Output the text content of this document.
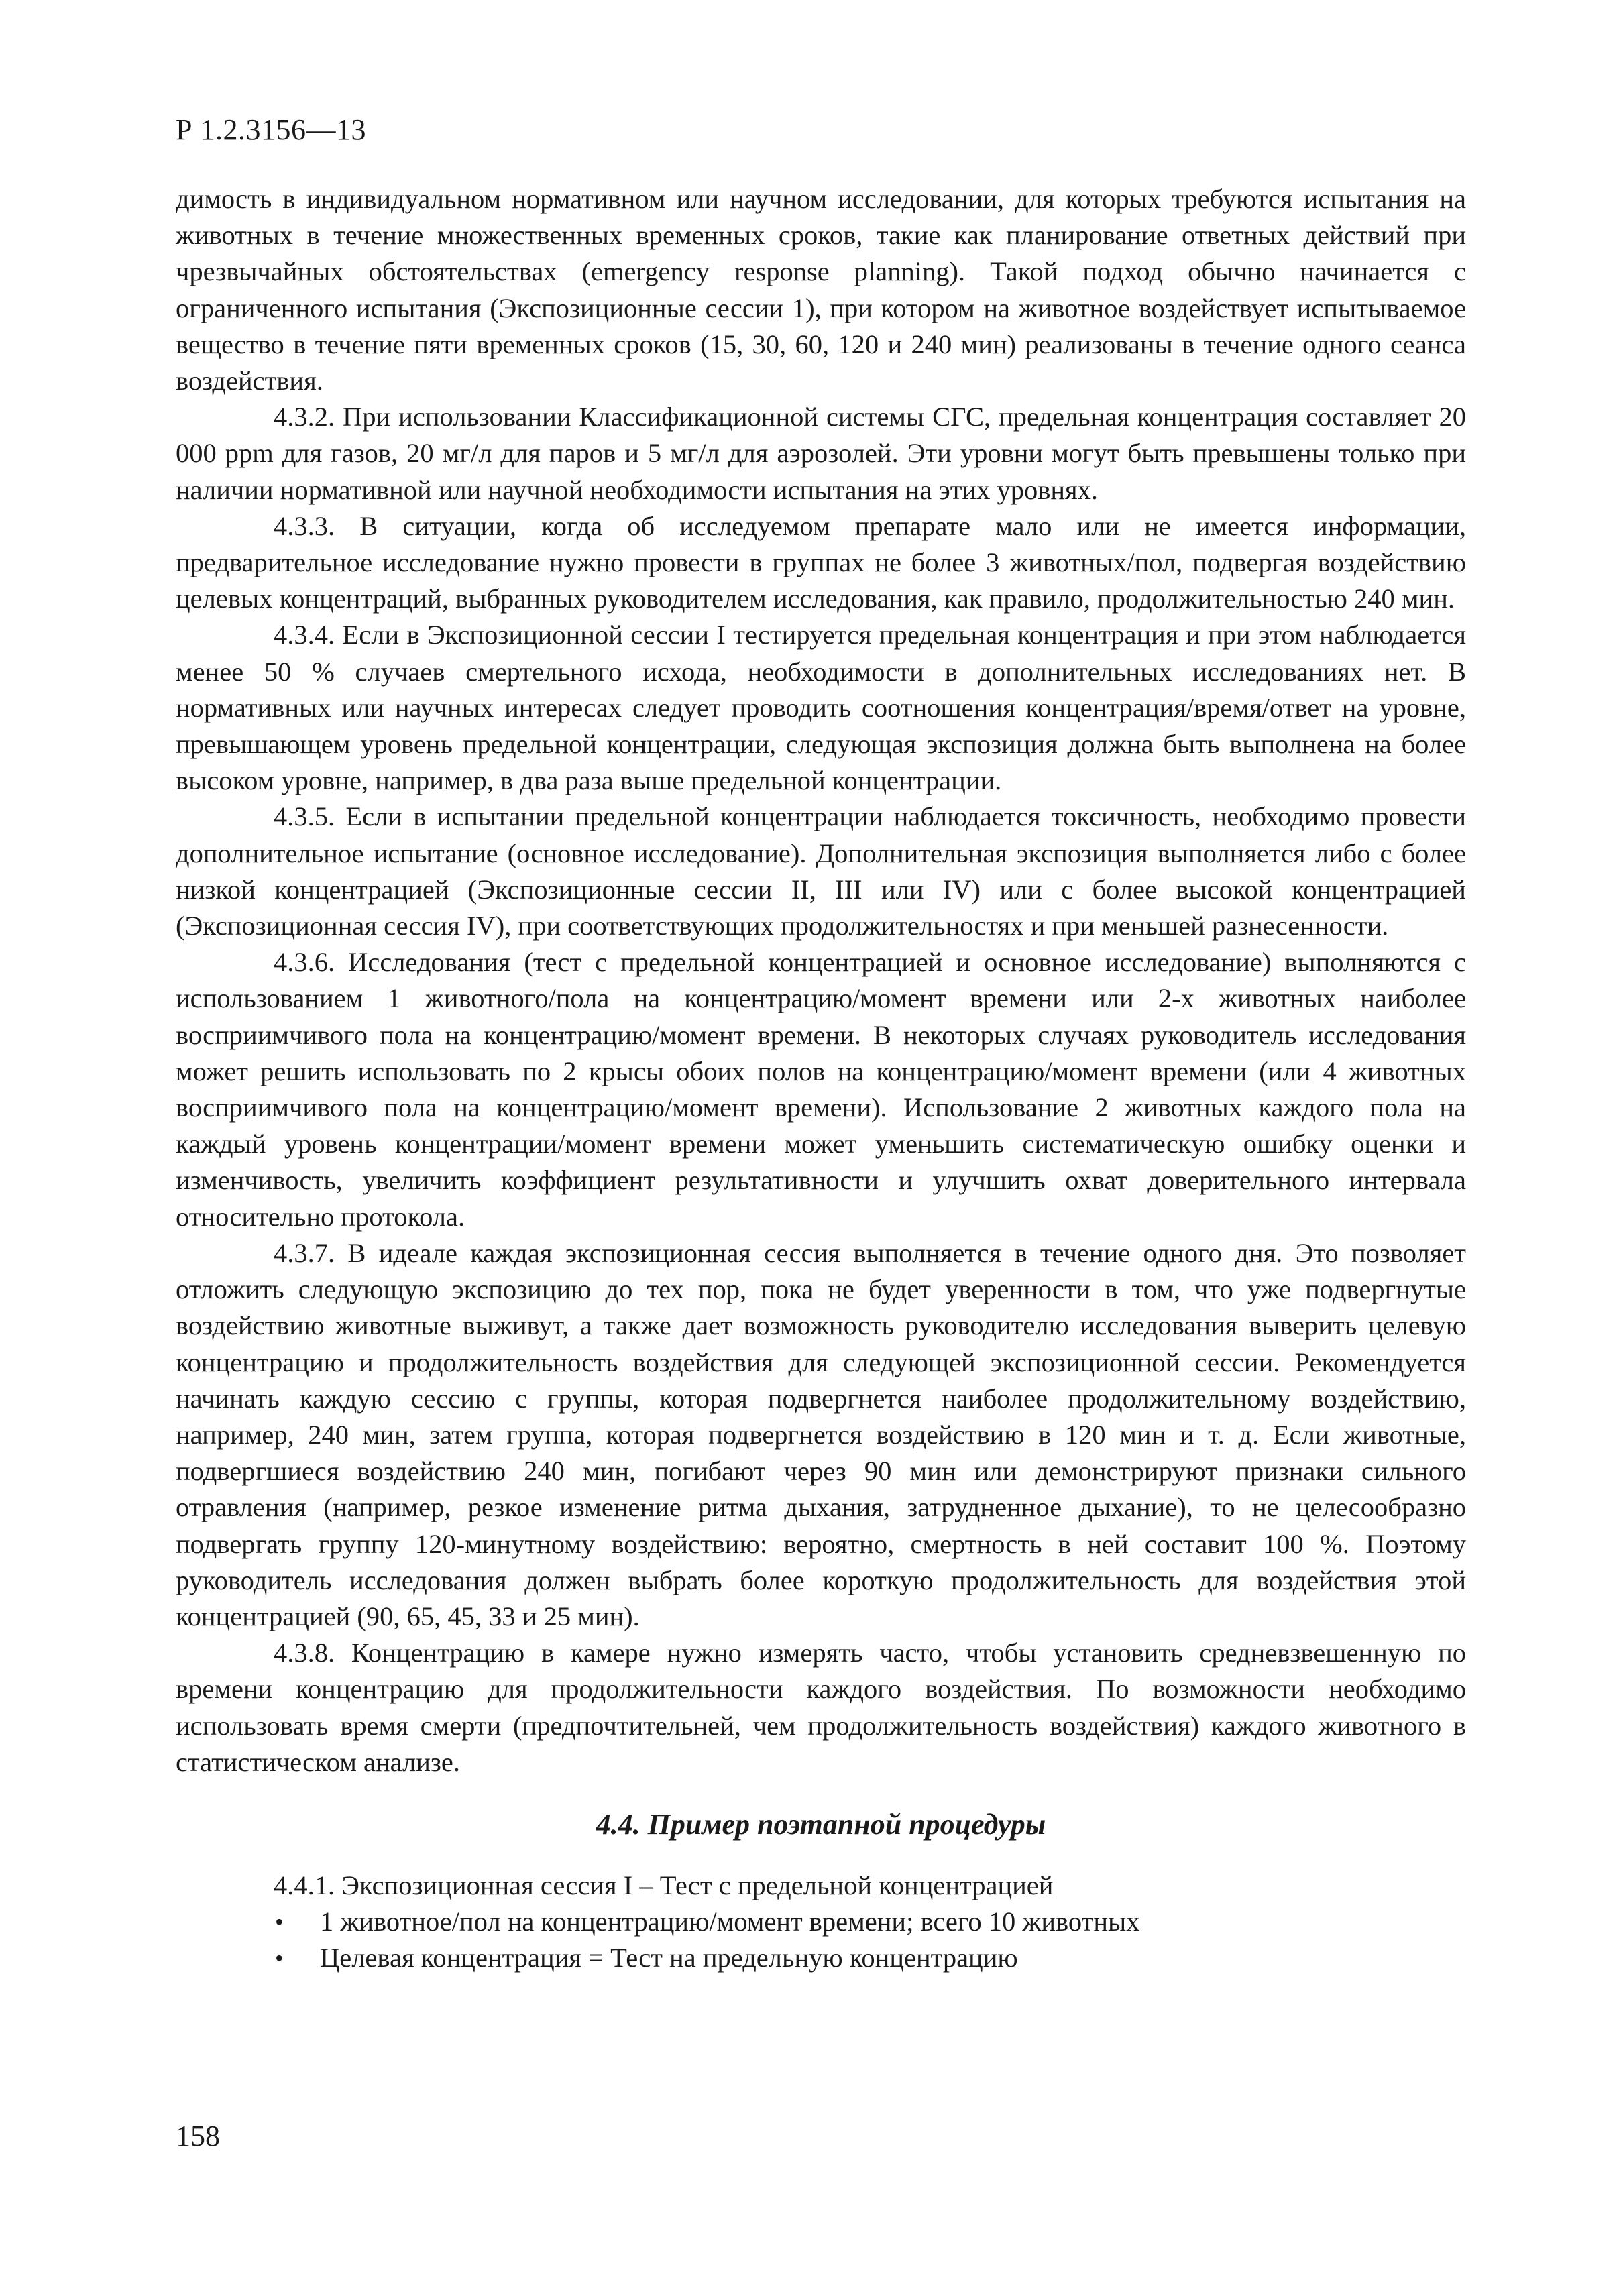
Р 1.2.3156—13

димость в индивидуальном нормативном или научном исследовании, для которых требуются испытания на животных в течение множественных временных сроков, такие как планирование ответных действий при чрезвычайных обстоятельствах (emergency response planning). Такой подход обычно начинается с ограниченного испытания (Экспозиционные сессии 1), при котором на животное воздействует испытываемое вещество в течение пяти временных сроков (15, 30, 60, 120 и 240 мин) реализованы в течение одного сеанса воздействия.

4.3.2. При использовании Классификационной системы СГС, предельная концентрация составляет 20 000 ppm для газов, 20 мг/л для паров и 5 мг/л для аэрозолей. Эти уровни могут быть превышены только при наличии нормативной или научной необходимости испытания на этих уровнях.

4.3.3. В ситуации, когда об исследуемом препарате мало или не имеется информации, предварительное исследование нужно провести в группах не более 3 животных/пол, подвергая воздействию целевых концентраций, выбранных руководителем исследования, как правило, продолжительностью 240 мин.

4.3.4. Если в Экспозиционной сессии I тестируется предельная концентрация и при этом наблюдается менее 50 % случаев смертельного исхода, необходимости в дополнительных исследованиях нет. В нормативных или научных интересах следует проводить соотношения концентрация/время/ответ на уровне, превышающем уровень предельной концентрации, следующая экспозиция должна быть выполнена на более высоком уровне, например, в два раза выше предельной концентрации.

4.3.5. Если в испытании предельной концентрации наблюдается токсичность, необходимо провести дополнительное испытание (основное исследование). Дополнительная экспозиция выполняется либо с более низкой концентрацией (Экспозиционные сессии II, III или IV) или с более высокой концентрацией (Экспозиционная сессия IV), при соответствующих продолжительностях и при меньшей разнесенности.

4.3.6. Исследования (тест с предельной концентрацией и основное исследование) выполняются с использованием 1 животного/пола на концентрацию/момент времени или 2-х животных наиболее восприимчивого пола на концентрацию/момент времени. В некоторых случаях руководитель исследования может решить использовать по 2 крысы обоих полов на концентрацию/момент времени (или 4 животных восприимчивого пола на концентрацию/момент времени). Использование 2 животных каждого пола на каждый уровень концентрации/момент времени может уменьшить систематическую ошибку оценки и изменчивость, увеличить коэффициент результативности и улучшить охват доверительного интервала относительно протокола.

4.3.7. В идеале каждая экспозиционная сессия выполняется в течение одного дня. Это позволяет отложить следующую экспозицию до тех пор, пока не будет уверенности в том, что уже подвергнутые воздействию животные выживут, а также дает возможность руководителю исследования выверить целевую концентрацию и продолжительность воздействия для следующей экспозиционной сессии. Рекомендуется начинать каждую сессию с группы, которая подвергнется наиболее продолжительному воздействию, например, 240 мин, затем группа, которая подвергнется воздействию в 120 мин и т. д. Если животные, подвергшиеся воздействию 240 мин, погибают через 90 мин или демонстрируют признаки сильного отравления (например, резкое изменение ритма дыхания, затрудненное дыхание), то не целесообразно подвергать группу 120-минутному воздействию: вероятно, смертность в ней составит 100 %. Поэтому руководитель исследования должен выбрать более короткую продолжительность для воздействия этой концентрацией (90, 65, 45, 33 и 25 мин).

4.3.8. Концентрацию в камере нужно измерять часто, чтобы установить средневзвешенную по времени концентрацию для продолжительности каждого воздействия. По возможности необходимо использовать время смерти (предпочтительней, чем продолжительность воздействия) каждого животного в статистическом анализе.

4.4. Пример поэтапной процедуры

4.4.1. Экспозиционная сессия I – Тест с предельной концентрацией

• 1 животное/пол на концентрацию/момент времени; всего 10 животных
• Целевая концентрация = Тест на предельную концентрацию
158
